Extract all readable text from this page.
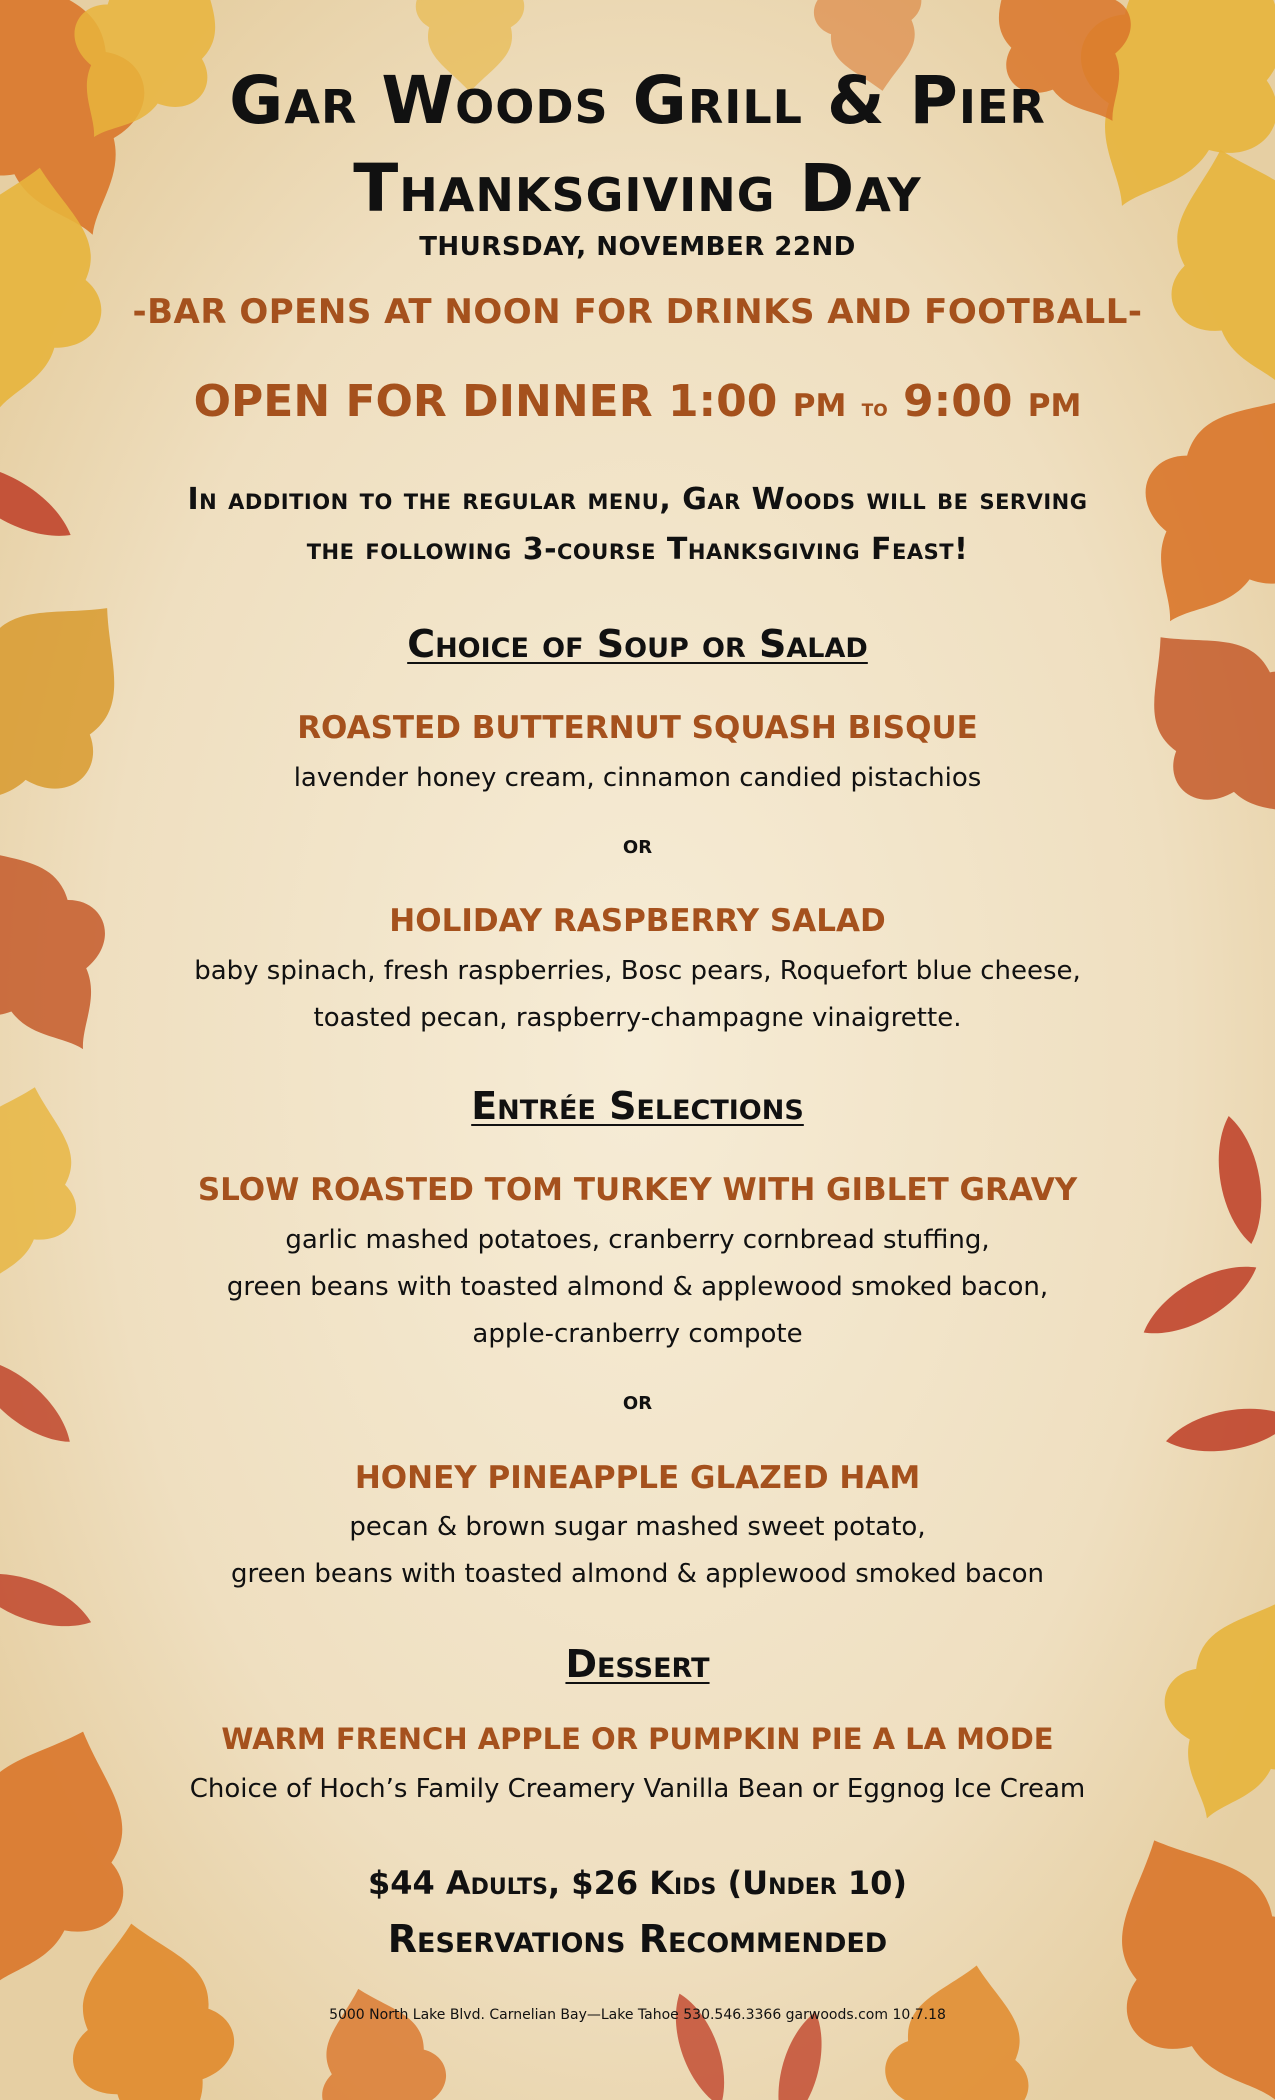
Gar Woods Grill & Pier
Thanksgiving Day
THURSDAY, NOVEMBER 22ND
-BAR OPENS AT NOON FOR DRINKS AND FOOTBALL-
OPEN FOR DINNER 1:00 pm to 9:00 pm
In addition to the regular menu, Gar Woods will be serving
the following 3-course Thanksgiving Feast!
Choice of Soup or Salad
ROASTED BUTTERNUT SQUASH BISQUE
lavender honey cream, cinnamon candied pistachios
or
HOLIDAY RASPBERRY SALAD
baby spinach, fresh raspberries, Bosc pears, Roquefort blue cheese,
toasted pecan, raspberry-champagne vinaigrette.
Entrée Selections
SLOW ROASTED TOM TURKEY WITH GIBLET GRAVY
garlic mashed potatoes, cranberry cornbread stuffing,
green beans with toasted almond & applewood smoked bacon,
apple-cranberry compote
or
HONEY PINEAPPLE GLAZED HAM
pecan & brown sugar mashed sweet potato,
green beans with toasted almond & applewood smoked bacon
Dessert
WARM FRENCH APPLE OR PUMPKIN PIE A LA MODE
Choice of Hoch’s Family Creamery Vanilla Bean or Eggnog Ice Cream
$44 Adults, $26 Kids (Under 10)
Reservations Recommended
5000 North Lake Blvd. Carnelian Bay—Lake Tahoe 530.546.3366 garwoods.com 10.7.18
